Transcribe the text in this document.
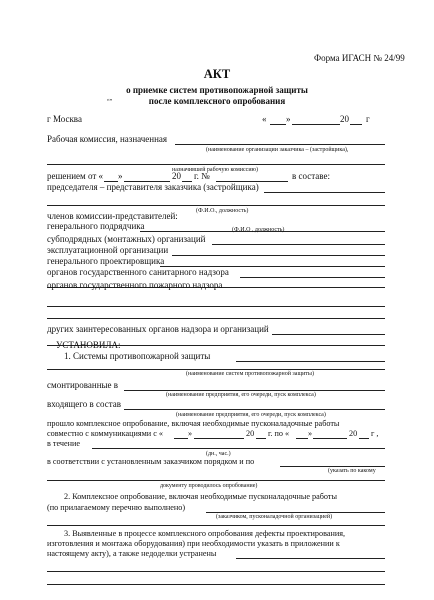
Форма ИГАСН № 24/99
АКТ
о приемке систем противопожарной защиты
“”	после комплексного опробования
г Москва	« »	20 г
Рабочая комиссия, назначенная
(наименование организации заказчика – (застройщика),
назначившей рабочую комиссию)
решением от « »	20 г. №	в составе:
председателя – представителя заказчика (застройщика)
(Ф.И.О., должность)
членов комиссии-представителей:
генерального подрядчика	(Ф.И.О , должность)
субподрядных (монтажных) организаций
эксплуатационной организации
генерального проектировщика
органов государственного санитарного надзора
органов государственного пожарного надзора
других заинтересованных органов надзора и организаций
УСТАНОВИЛА:
1. Системы противопожарной защиты
(наименование систем противопожарной защиты)
смонтированные в
(наименование предприятия, его очереди, пуск комплекса)
входящего в состав
(наименование предприятия, его очереди, пуск комплекса)
прошло комплексное опробование, включая необходимые пусконаладочные работы
совместно с коммуникациями с «	»	20 г. по « »	20 г ,
в течение
(дн., час.)
в соответствии с установленным заказчиком порядком и по
(указать по какому
документу проводилось опробование)
2. Комплексное опробование, включая необходимые пусконаладочные работы
(по прилагаемому перечню выполнено)
(заказчиком, пусконаладочной организацией)
3. Выявленные в процессе комплексного опробования дефекты проектирования,
изготовления и монтажа оборудования) при необходимости указать в приложении к
настоящему акту), а также недоделки устранены
